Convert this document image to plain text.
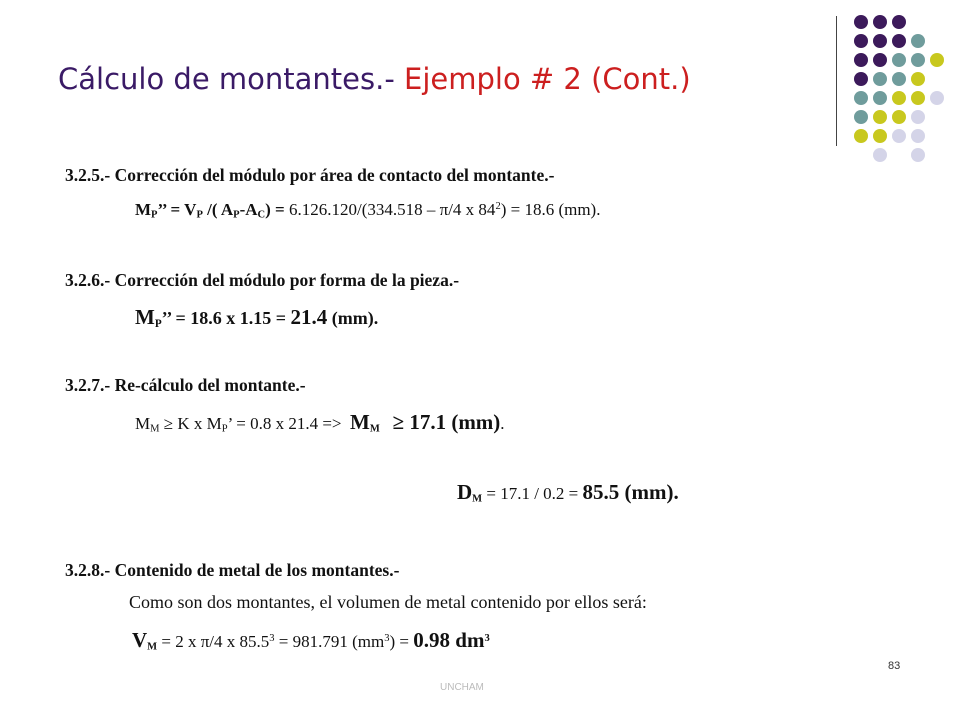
Cálculo de montantes.- Ejemplo # 2 (Cont.)
3.2.5.- Corrección del módulo por área de contacto del montante.-
$M_P$’’ = $V_P$ /( $A_P-A_C) = 6.126.120/(334.518 - \pi/4$ x $84^2) = 18.6$ (mm).
3.2.6.- Corrección del módulo por forma de la pieza.-
$M_P$’’ = 18.6 x 1.15 = 21.4 (mm).
3.2.7.- Re-cálculo del montante.-
$M_M \ge K$ x $M_P$’ = 0.8 x $21.4 => M_M \ge 17.1$ (mm).
$D_M = 17.1 / 0.2 = 85.5$ (mm).
3.2.8.- Contenido de metal de los montantes.-
Como son dos montantes, el volumen de metal contenido por ellos será:
$V_M = 2$ x π/4 x $85.5^3 = 981.791$ $(mm^3) = 0.98$ $dm^3$
83
UNCHAM
